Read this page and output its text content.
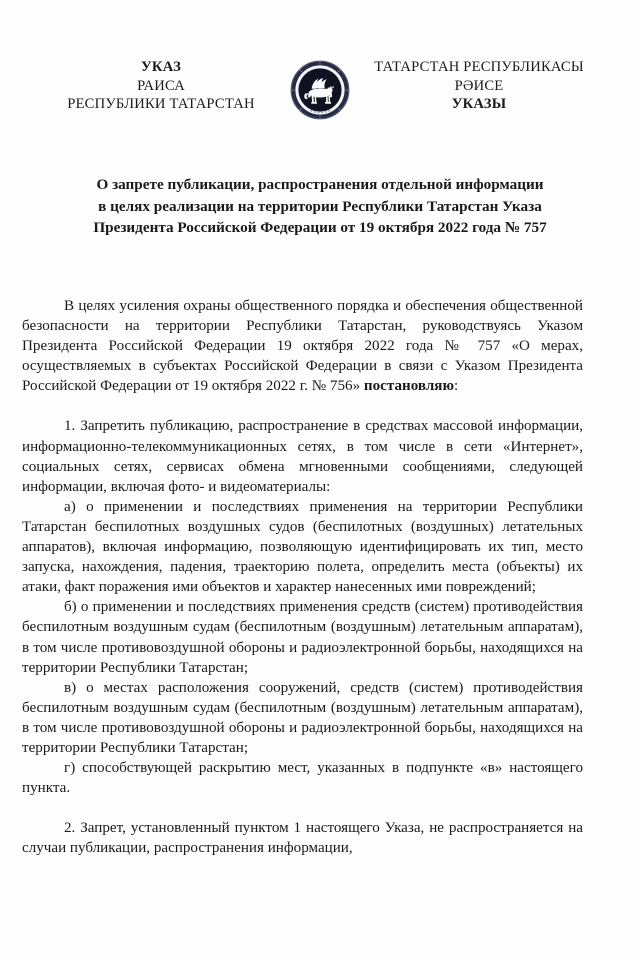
УКАЗ
РАИСА
РЕСПУБЛИКИ ТАТАРСТАН
ТАТАРСТАН РЕСПУБЛИКАСЫ
РӘИСЕ
УКАЗЫ
О запрете публикации, распространения отдельной информации
в целях реализации на территории Республики Татарстан Указа
Президента Российской Федерации от 19 октября 2022 года № 757

В целях усиления охраны общественного порядка и обеспечения общественной безопасности на территории Республики Татарстан, руководствуясь Указом Президента Российской Федерации 19 октября 2022 года № 757 «О мерах, осуществляемых в субъектах Российской Федерации в связи с Указом Президента Российской Федерации от 19 октября 2022 г. № 756» постановляю:

1. Запретить публикацию, распространение в средствах массовой информации, информационно-телекоммуникационных сетях, в том числе в сети «Интернет», социальных сетях, сервисах обмена мгновенными сообщениями, следующей информации, включая фото- и видеоматериалы:

а) о применении и последствиях применения на территории Республики Татарстан беспилотных воздушных судов (беспилотных (воздушных) летательных аппаратов), включая информацию, позволяющую идентифицировать их тип, место запуска, нахождения, падения, траекторию полета, определить места (объекты) их атаки, факт поражения ими объектов и характер нанесенных ими повреждений;

б) о применении и последствиях применения средств (систем) противодействия беспилотным воздушным судам (беспилотным (воздушным) летательным аппаратам), в том числе противовоздушной обороны и радиоэлектронной борьбы, находящихся на территории Республики Татарстан;

в) о местах расположения сооружений, средств (систем) противодействия беспилотным воздушным судам (беспилотным (воздушным) летательным аппаратам), в том числе противовоздушной обороны и радиоэлектронной борьбы, находящихся на территории Республики Татарстан;

г) способствующей раскрытию мест, указанных в подпункте «в» настоящего пункта.

2. Запрет, установленный пунктом 1 настоящего Указа, не распространяется на случаи публикации, распространения информации,
